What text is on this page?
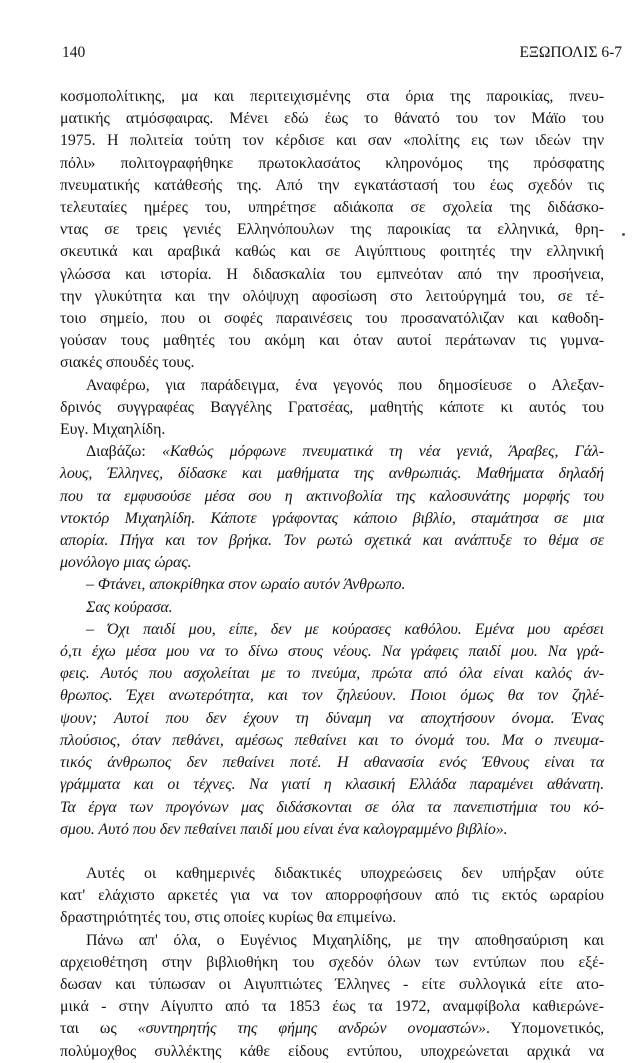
140	ΕΞΩΠΟΛΙΣ 6-7
κοσμοπολίτικης, μα και περιτειχισμένης στα όρια της παροικίας, πνευ-
ματικής ατμόσφαιρας. Μένει εδώ έως το θάνατό του τον Μάϊο του
1975. Η πολιτεία τούτη τον κέρδισε και σαν «πολίτης εις των ιδεών την
πόλι» πολιτογραφήθηκε πρωτοκλασάτος κληρονόμος της πρόσφατης
πνευματικής κατάθεσής της. Από την εγκατάστασή του έως σχεδόν τις
τελευταίες ημέρες του, υπηρέτησε αδιάκοπα σε σχολεία της διδάσκο-
ντας σε τρεις γενιές Ελληνόπουλων της παροικίας τα ελληνικά, θρη-
σκευτικά και αραβικά καθώς και σε Αιγύπτιους φοιτητές την ελληνική
γλώσσα και ιστορία. Η διδασκαλία του εμπνεόταν από την προσήνεια,
την γλυκύτητα και την ολόψυχη αφοσίωση στο λειτούργημά του, σε τέ-
τοιο σημείο, που οι σοφές παραινέσεις του προσανατόλιζαν και καθοδη-
γούσαν τους μαθητές του ακόμη και όταν αυτοί περάτωναν τις γυμνα-
σιακές σπουδές τους.
Αναφέρω, για παράδειγμα, ένα γεγονός που δημοσίευσε ο Αλεξαν-
δρινός συγγραφέας Βαγγέλης Γρατσέας, μαθητής κάποτε κι αυτός του
Ευγ. Μιχαηλίδη.
Διαβάζω: «Καθώς μόρφωνε πνευματικά τη νέα γενιά, Άραβες, Γάλ-
λους, Έλληνες, δίδασκε και μαθήματα της ανθρωπιάς. Μαθήματα δηλαδή
που τα εμφυσούσε μέσα σου η ακτινοβολία της καλοσυνάτης μορφής του
ντοκτόρ Μιχαηλίδη. Κάποτε γράφοντας κάποιο βιβλίο, σταμάτησα σε μια
απορία. Πήγα και τον βρήκα. Τον ρωτώ σχετικά και ανάπτυξε το θέμα σε
μονόλογο μιας ώρας.
– Φτάνει, αποκρίθηκα στον ωραίο αυτόν Άνθρωπο.
Σας κούρασα.
– Όχι παιδί μου, είπε, δεν με κούρασες καθόλου. Εμένα μου αρέσει
ό,τι έχω μέσα μου να το δίνω στους νέους. Να γράφεις παιδί μου. Να γρά-
φεις. Αυτός που ασχολείται με το πνεύμα, πρώτα από όλα είναι καλός άν-
θρωπος. Έχει ανωτερότητα, και τον ζηλεύουν. Ποιοι όμως θα τον ζηλέ-
ψουν; Αυτοί που δεν έχουν τη δύναμη να αποχτήσουν όνομα. Ένας
πλούσιος, όταν πεθάνει, αμέσως πεθαίνει και το όνομά του. Μα ο πνευμα-
τικός άνθρωπος δεν πεθαίνει ποτέ. Η αθανασία ενός Έθνους είναι τα
γράμματα και οι τέχνες. Να γιατί η κλασική Ελλάδα παραμένει αθάνατη.
Τα έργα των προγόνων μας διδάσκονται σε όλα τα πανεπιστήμια του κό-
σμου. Αυτό που δεν πεθαίνει παιδί μου είναι ένα καλογραμμένο βιβλίο».
Αυτές οι καθημερινές διδακτικές υποχρεώσεις δεν υπήρξαν ούτε
κατ' ελάχιστο αρκετές για να τον απορροφήσουν από τις εκτός ωραρίου
δραστηριότητές του, στις οποίες κυρίως θα επιμείνω.
Πάνω απ' όλα, ο Ευγένιος Μιχαηλίδης, με την αποθησαύριση και
αρχειοθέτηση στην βιβλιοθήκη του σχεδόν όλων των εντύπων που εξέ-
δωσαν και τύπωσαν οι Αιγυπτιώτες Έλληνες - είτε συλλογικά είτε ατο-
μικά - στην Αίγυπτο από τα 1853 έως τα 1972, αναμφίβολα καθιερώνε-
ται ως «συντηρητής της φήμης ανδρών ονομαστών». Υπομονετικός,
πολύμοχθος συλλέκτης κάθε είδους εντύπου, υποχρεώνεται αρχικά να
